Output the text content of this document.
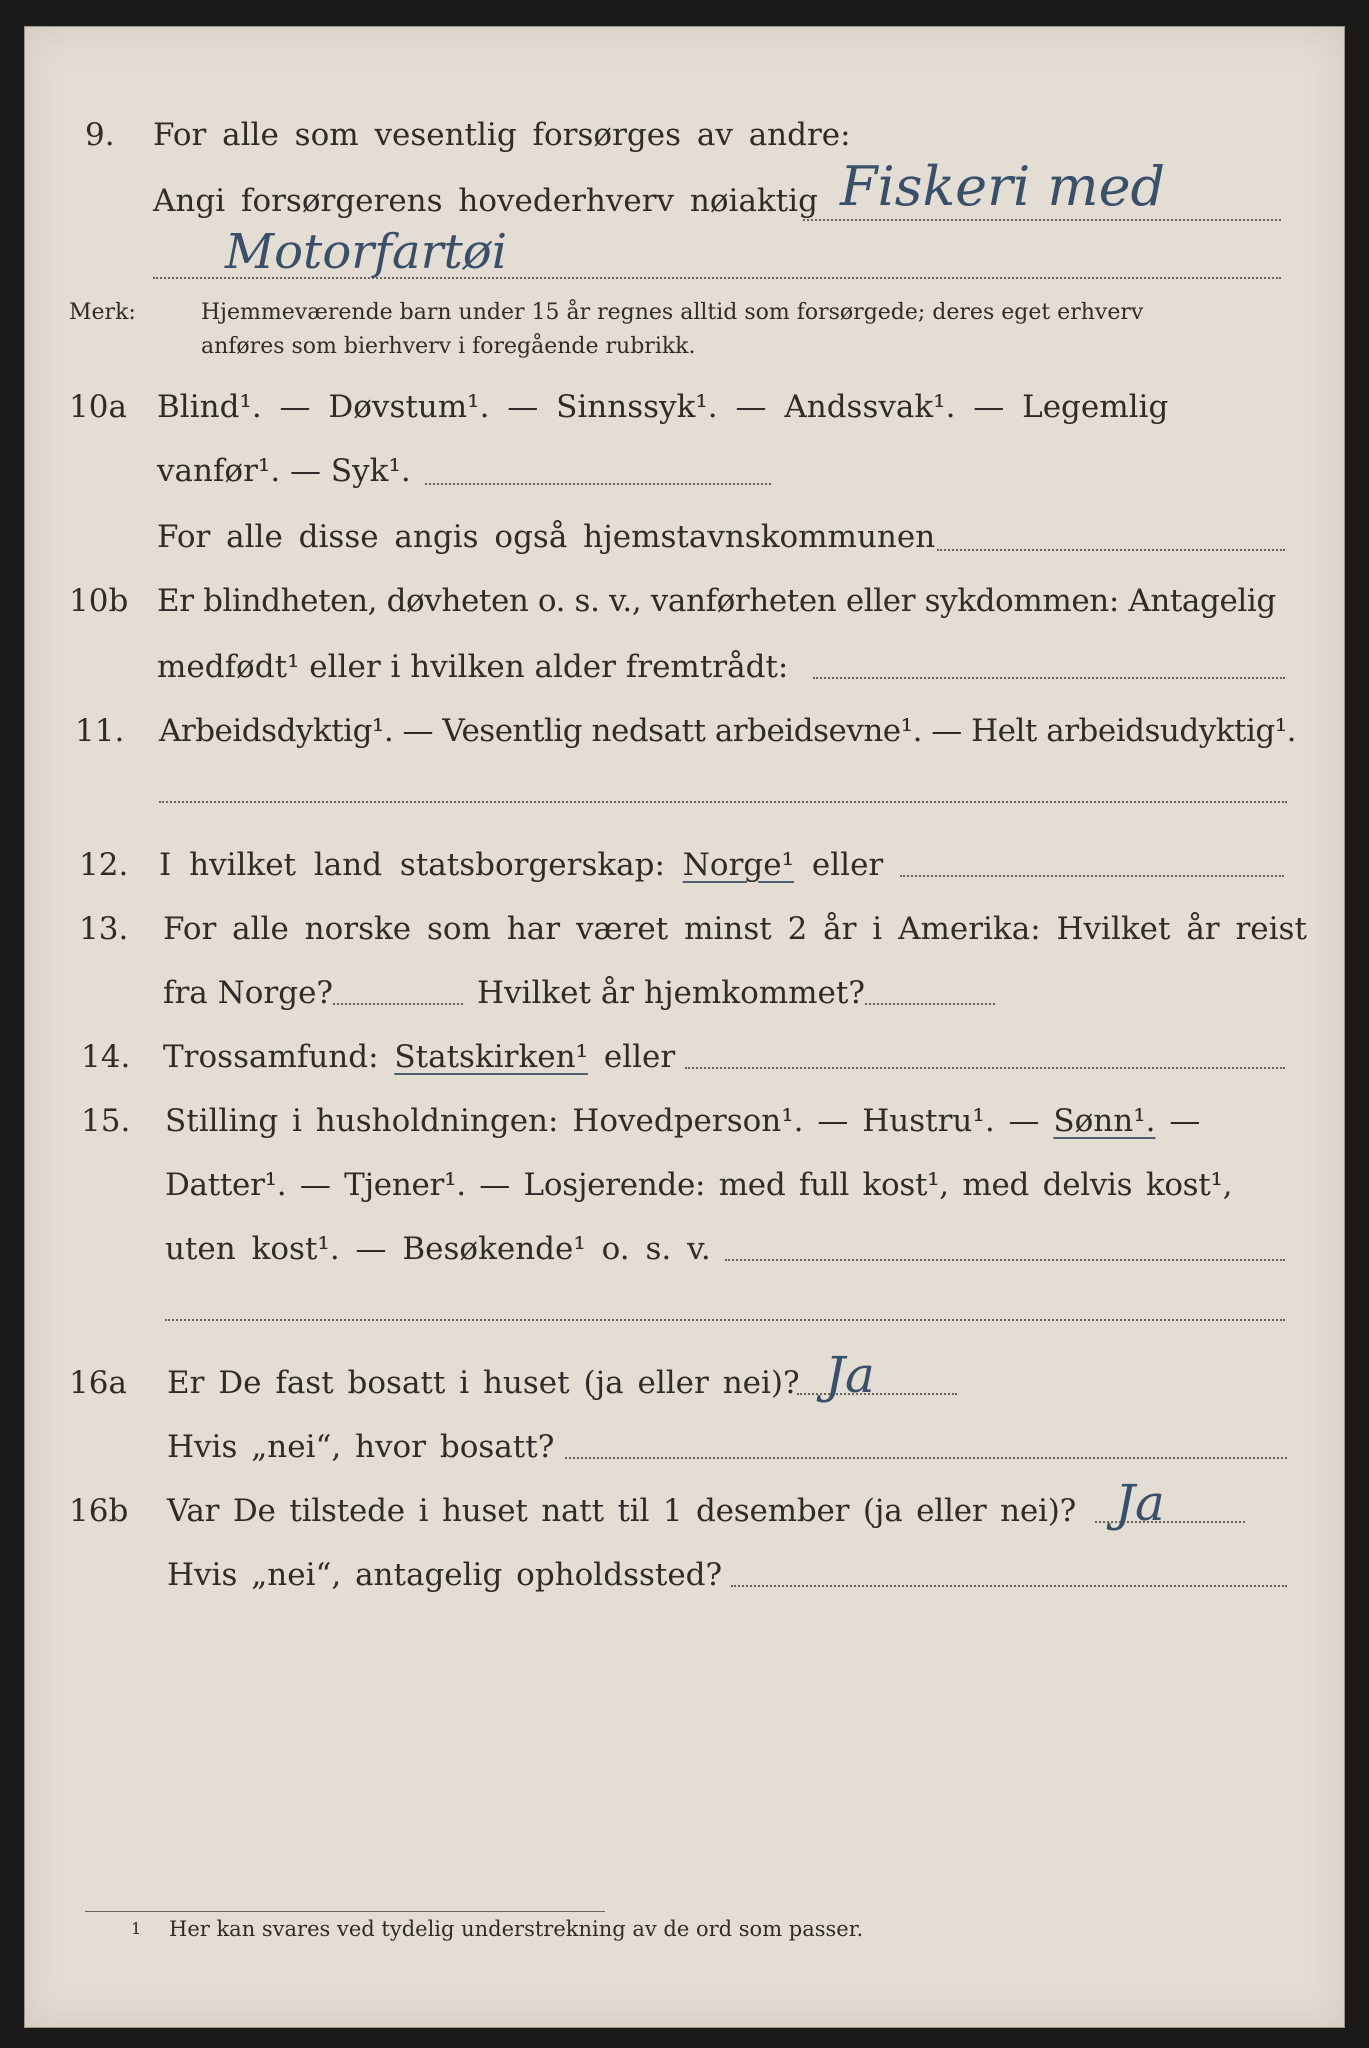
9. For alle som vesentlig forsørges av andre:
Angi forsørgerens hovederhverv nøiaktig Fiskeri med
Motorfartøi
Merk:	Hjemmeværende barn under 15 år regnes alltid som forsørgede; deres eget erhverv
anføres som bierhverv i foregående rubrikk.
10a Blind¹. — Døvstum¹. — Sinnssyk¹. — Andssvak¹. — Legemlig
vanfør¹. — Syk¹.
For alle disse angis også hjemstavnskommunen
10b Er blindheten, døvheten o. s. v., vanførheten eller sykdommen: Antagelig
medfødt¹ eller i hvilken alder fremtrådt:
11. Arbeidsdyktig¹. — Vesentlig nedsatt arbeidsevne¹. — Helt arbeidsudyktig¹.
12. I hvilket land statsborgerskap: Norge¹ eller
13. For alle norske som har været minst 2 år i Amerika: Hvilket år reist
fra Norge?	Hvilket år hjemkommet?
14. Trossamfund: Statskirken¹ eller
15. Stilling i husholdningen: Hovedperson¹. — Hustru¹. — Sønn¹. —
Datter¹. — Tjener¹. — Losjerende: med full kost¹, med delvis kost¹,
uten kost¹. — Besøkende¹ o. s. v.
16a Er De fast bosatt i huset (ja eller nei)? Ja
Hvis „nei“, hvor bosatt?
16b Var De tilstede i huset natt til 1 desember (ja eller nei)? Ja
Hvis „nei“, antagelig opholdssted?
1 Her kan svares ved tydelig understrekning av de ord som passer.
